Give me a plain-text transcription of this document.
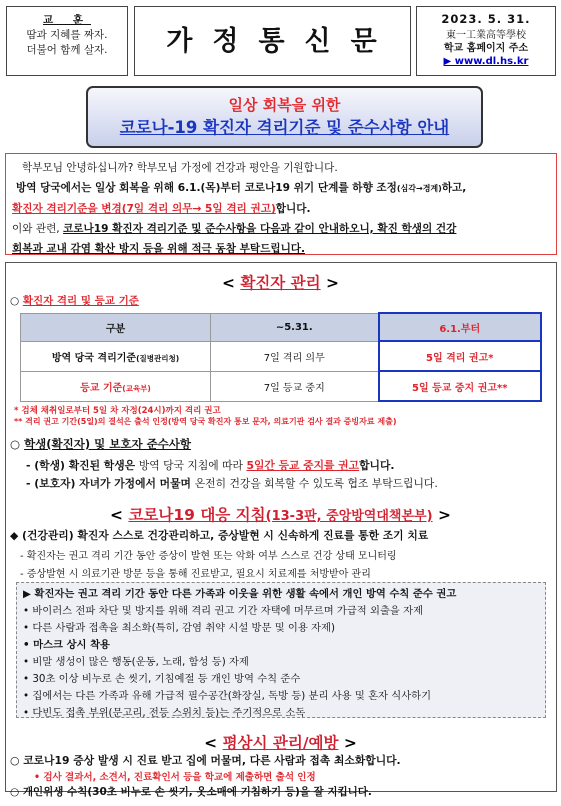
교 훈
땀과 지혜를 짜자.
더불어 함께 살자.	가정통신문
2023. 5. 31.
東一工業高等學校
학교 홈페이지 주소
▶ www.dl.hs.kr
일상 회복을 위한
코로나-19 확진자 격리기준 및 준수사항 안내

학부모님 안녕하십니까? 학부모님 가정에 건강과 평안을 기원합니다.

방역 당국에서는 일상 회복을 위해 6.1.(목)부터 코로나19 위기 단계를 하향 조정(심각→경계)하고,

확진자 격리기준을 변경(7일 격리 의무→ 5일 격리 권고)합니다.

이와 관련, 코로나19 확진자 격리기준 및 준수사항을 다음과 같이 안내하오니, 확진 학생의 건강

회복과 교내 감염 확산 방지 등을 위해 적극 동참 부탁드립니다.

< 확진자 관리 >
○ 확진자 격리 및 등교 기준
구분	~5.31.	6.1.부터
방역 당국 격리기준(질병관리청)	7일 격리 의무	5일 격리 권고*
등교 기준(교육부)	7일 등교 중지	5일 등교 중지 권고**
* 검체 채취일로부터 5일 차 자정(24시)까지 격리 권고
** 격리 권고 기간(5일)의 결석은 출석 인정(방역 당국 확진자 통보 문자, 의료기관 검사 결과 증빙자료 제출)
○ 학생(확진자) 및 보호자 준수사항
- (학생) 확진된 학생은 방역 당국 지침에 따라 5일간 등교 중지를 권고합니다.
- (보호자) 자녀가 가정에서 머물며 온전히 건강을 회복할 수 있도록 협조 부탁드립니다.
< 코로나19 대응 지침(13-3판, 중앙방역대책본부) >
◆ (건강관리) 확진자 스스로 건강관리하고, 증상발현 시 신속하게 진료를 통한 조기 치료
- 확진자는 권고 격리 기간 동안 증상이 발현 또는 악화 여부 스스로 건강 상태 모니터링
- 증상발현 시 의료기관 방문 등을 통해 진료받고, 필요시 치료제를 처방받아 관리
▶ 확진자는 권고 격리 기간 동안 다른 가족과 이웃을 위한 생활 속에서 개인 방역 수칙 준수 권고
• 바이러스 전파 차단 및 방지를 위해 격리 권고 기간 자택에 머무르며 가급적 외출을 자제
• 다른 사람과 접촉을 최소화(특히, 감염 취약 시설 방문 및 이용 자제)
• 마스크 상시 착용
• 비말 생성이 많은 행동(운동, 노래, 함성 등) 자제
• 30초 이상 비누로 손 씻기, 기침예절 등 개인 방역 수칙 준수
• 집에서는 다른 가족과 유해 가급적 필수공간(화장실, 독방 등) 분리 사용 및 혼자 식사하기
• 다빈도 접촉 부위(문고리, 전등 스위치 등)는 주기적으로 소독
< 평상시 관리/예방 >
○ 코로나19 증상 발생 시 진료 받고 집에 머물며, 다른 사람과 접촉 최소화합니다.
• 검사 결과서, 소견서, 진료확인서 등을 학교에 제출하면 출석 인정
○ 개인위생 수칙(30초 비누로 손 씻기, 옷소매에 기침하기 등)을 잘 지킵니다.
